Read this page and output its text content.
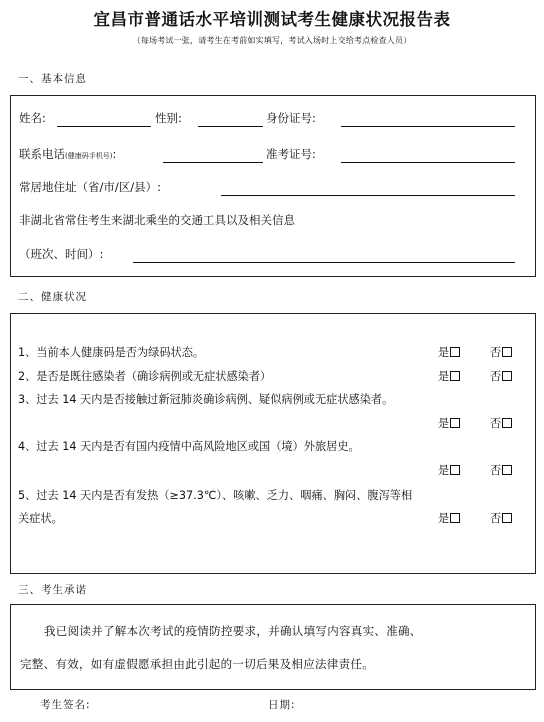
宜昌市普通话水平培训测试考生健康状况报告表
（每场考试一张，请考生在考前如实填写，考试入场时上交给考点检查人员）
一、基本信息
姓名:	性别:	身份证号:
联系电话(健康码手机号):	准考证号:
常居地住址（省/市/区/县）:
非湖北省常住考生来湖北乘坐的交通工具以及相关信息
（班次、时间）:
二、健康状况
1、当前本人健康码是否为绿码状态。	是	否
2、是否是既往感染者（确诊病例或无症状感染者）	是	否
3、过去 14 天内是否接触过新冠肺炎确诊病例、疑似病例或无症状感染者。
是	否
4、过去 14 天内是否有国内疫情中高风险地区或国（境）外旅居史。
是	否
5、过去 14 天内是否有发热（≥37.3℃）、咳嗽、乏力、咽痛、胸闷、腹泻等相
关症状。	是	否
三、考生承诺
我已阅读并了解本次考试的疫情防控要求，并确认填写内容真实、准确、
完整、有效，如有虚假愿承担由此引起的一切后果及相应法律责任。
考生签名:	日期:
